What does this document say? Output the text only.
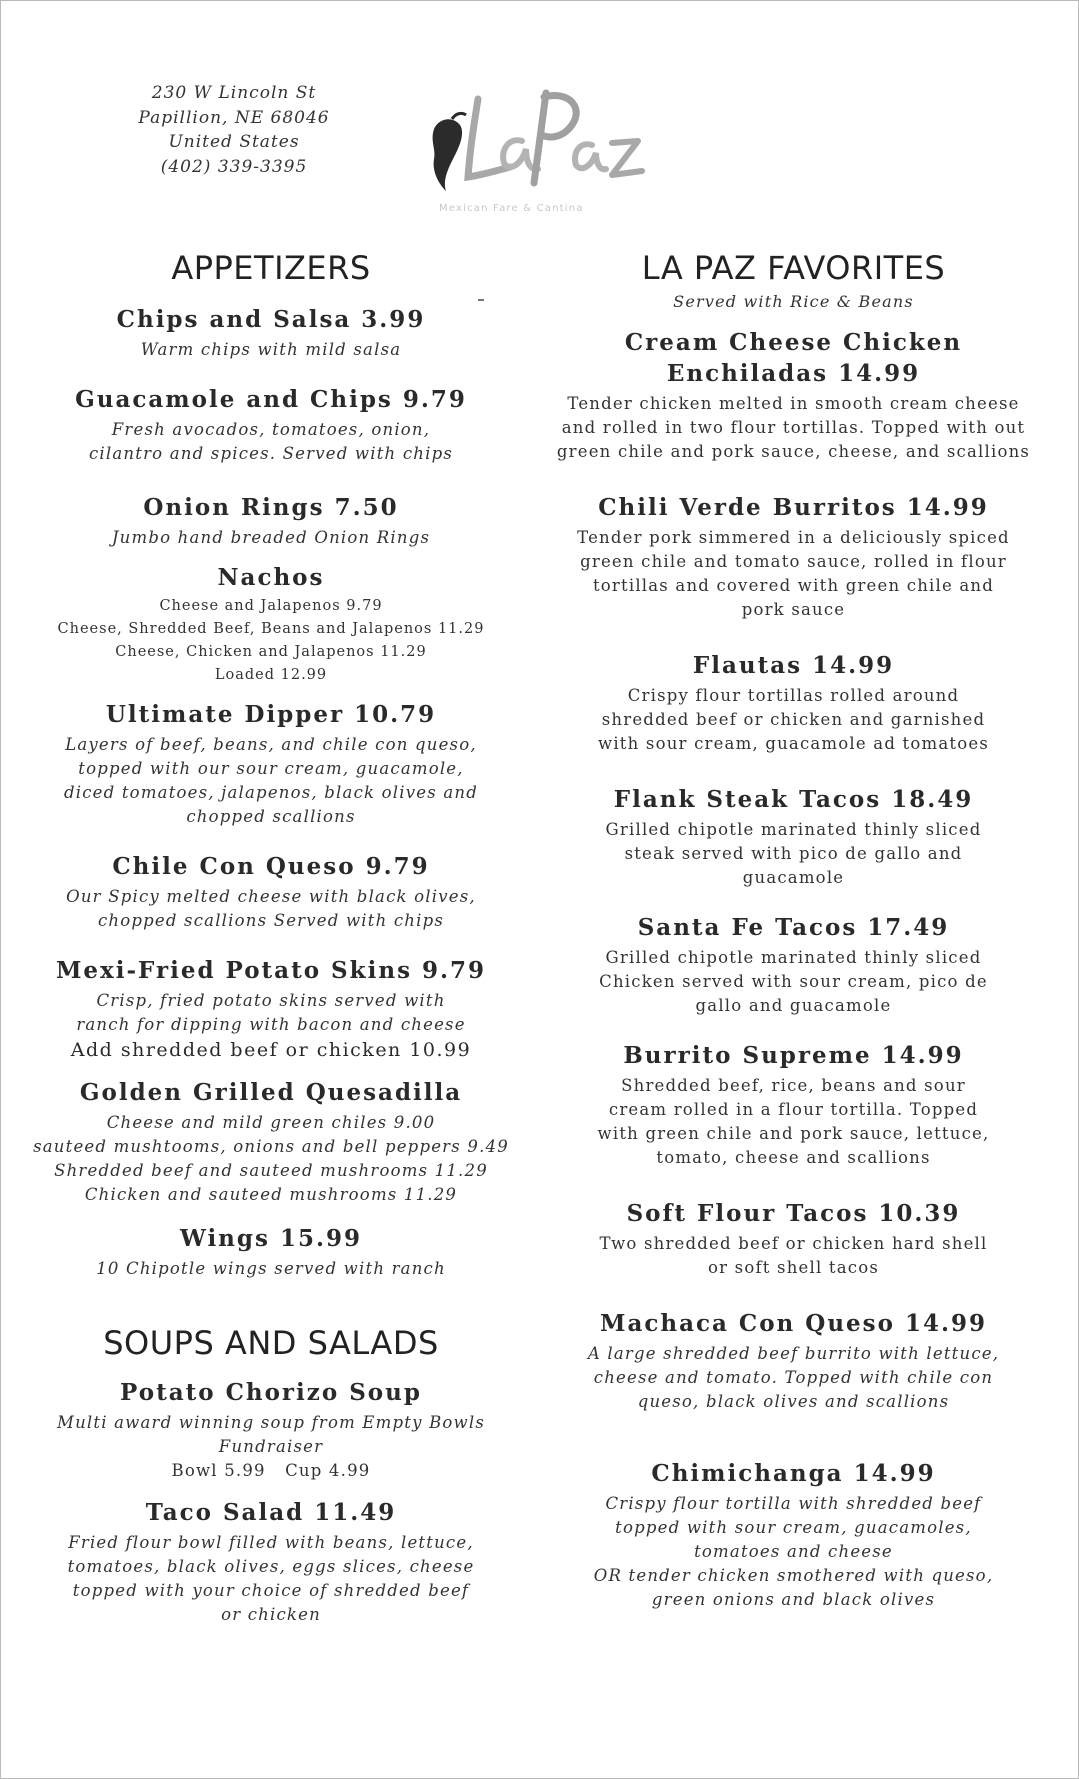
230 W Lincoln St
Papillion, NE 68046
United States
(402) 339-3395
Mexican Fare & Cantina
APPETIZERS
Chips and Salsa 3.99
Warm chips with mild salsa
Guacamole and Chips 9.79
Fresh avocados, tomatoes, onion,
cilantro and spices. Served with chips
Onion Rings 7.50
Jumbo hand breaded Onion Rings
Nachos
Cheese and Jalapenos 9.79
Cheese, Shredded Beef, Beans and Jalapenos 11.29
Cheese, Chicken and Jalapenos 11.29
Loaded 12.99
Ultimate Dipper 10.79
Layers of beef, beans, and chile con queso,
topped with our sour cream, guacamole,
diced tomatoes, jalapenos, black olives and
chopped scallions
Chile Con Queso 9.79
Our Spicy melted cheese with black olives,
chopped scallions Served with chips
Mexi-Fried Potato Skins 9.79
Crisp, fried potato skins served with
ranch for dipping with bacon and cheese
Add shredded beef or chicken 10.99
Golden Grilled Quesadilla
Cheese and mild green chiles 9.00
sauteed mushtooms, onions and bell peppers 9.49
Shredded beef and sauteed mushrooms 11.29
Chicken and sauteed mushrooms 11.29
Wings 15.99
10 Chipotle wings served with ranch
SOUPS AND SALADS
Potato Chorizo Soup
Multi award winning soup from Empty Bowls
Fundraiser
Bowl 5.99   Cup 4.99
Taco Salad 11.49
Fried flour bowl filled with beans, lettuce,
tomatoes, black olives, eggs slices, cheese
topped with your choice of shredded beef
or chicken
LA PAZ FAVORITES
Served with Rice & Beans
Cream Cheese Chicken
Enchiladas 14.99
Tender chicken melted in smooth cream cheese
and rolled in two flour tortillas. Topped with out
green chile and pork sauce, cheese, and scallions
Chili Verde Burritos 14.99
Tender pork simmered in a deliciously spiced
green chile and tomato sauce, rolled in flour
tortillas and covered with green chile and
pork sauce
Flautas 14.99
Crispy flour tortillas rolled around
shredded beef or chicken and garnished
with sour cream, guacamole ad tomatoes
Flank Steak Tacos 18.49
Grilled chipotle marinated thinly sliced
steak served with pico de gallo and
guacamole
Santa Fe Tacos 17.49
Grilled chipotle marinated thinly sliced
Chicken served with sour cream, pico de
gallo and guacamole
Burrito Supreme 14.99
Shredded beef, rice, beans and sour
cream rolled in a flour tortilla. Topped
with green chile and pork sauce, lettuce,
tomato, cheese and scallions
Soft Flour Tacos 10.39
Two shredded beef or chicken hard shell
or soft shell tacos
Machaca Con Queso 14.99
A large shredded beef burrito with lettuce,
cheese and tomato. Topped with chile con
queso, black olives and scallions
Chimichanga 14.99
Crispy flour tortilla with shredded beef
topped with sour cream, guacamoles,
tomatoes and cheese
OR tender chicken smothered with queso,
green onions and black olives
